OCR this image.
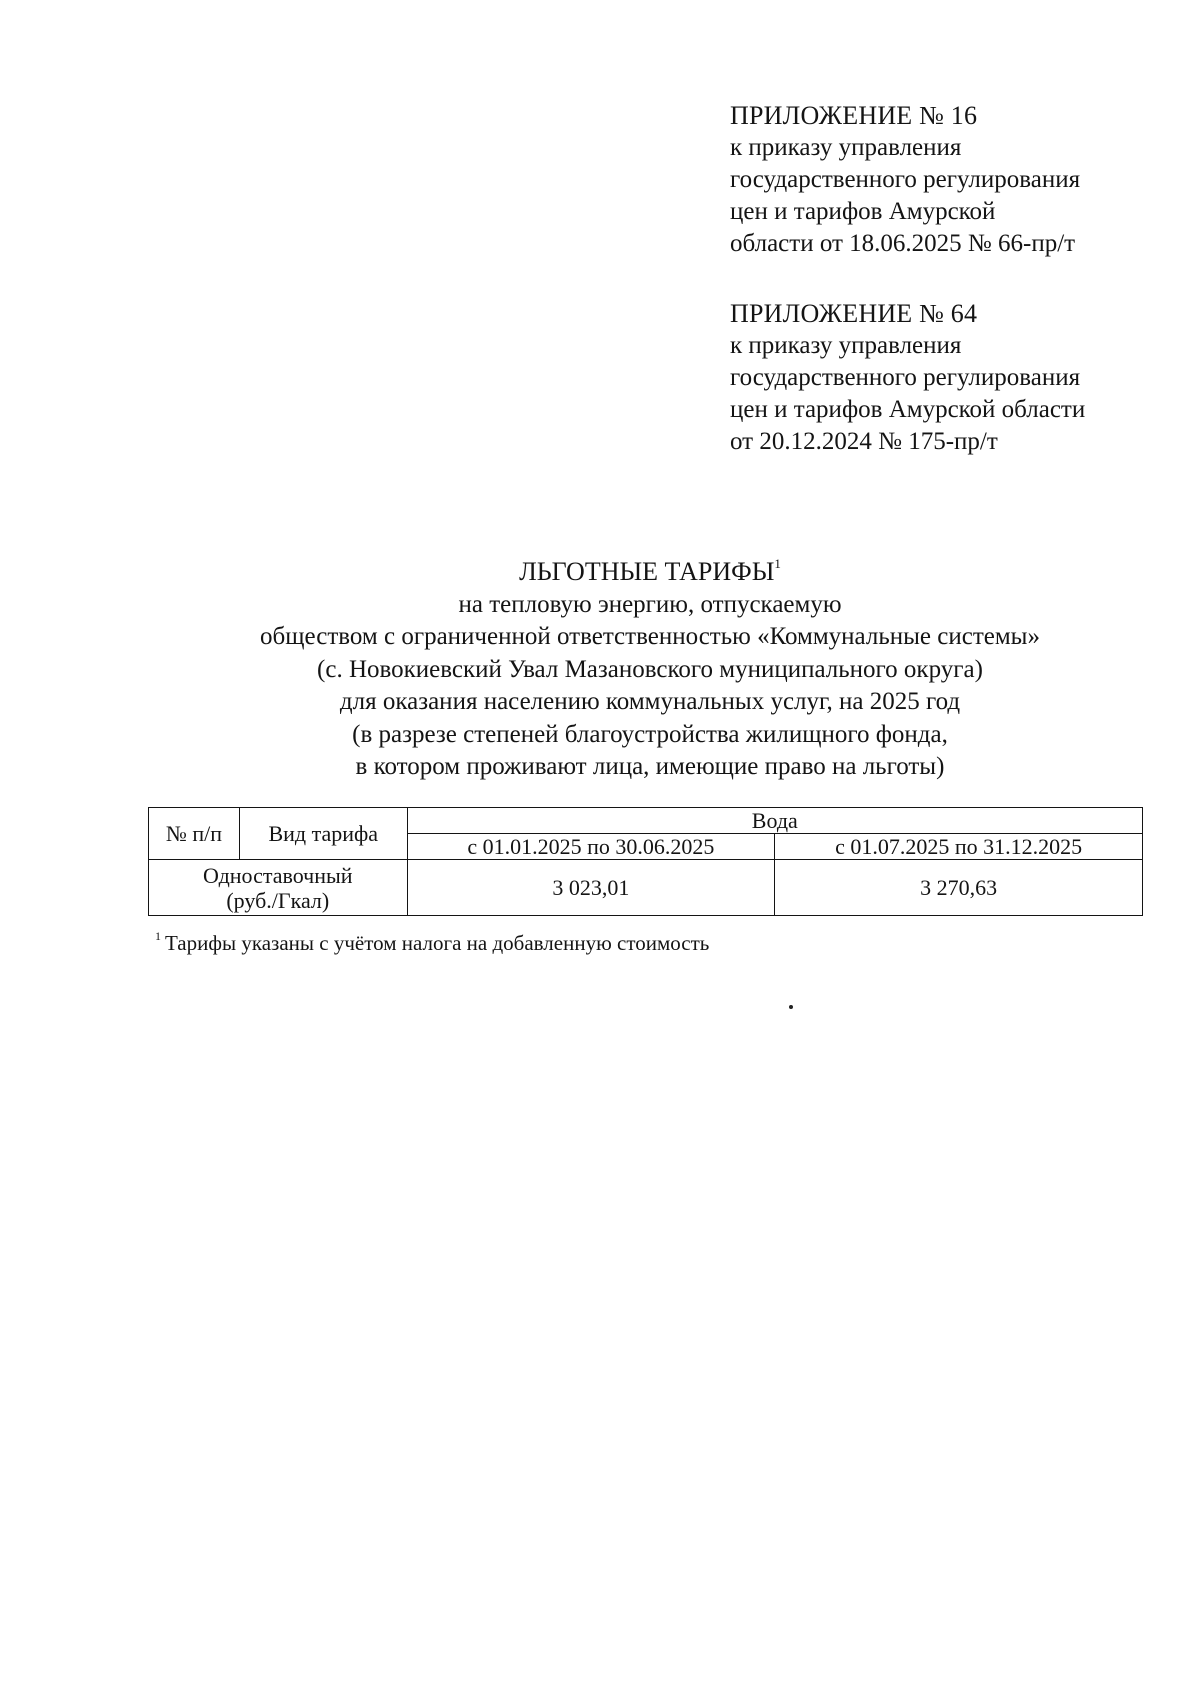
ПРИЛОЖЕНИЕ № 16
к приказу управления
государственного регулирования
цен и тарифов Амурской
области от 18.06.2025 № 66-пр/т
ПРИЛОЖЕНИЕ № 64
к приказу управления
государственного регулирования
цен и тарифов Амурской области
от 20.12.2024 № 175-пр/т
ЛЬГОТНЫЕ ТАРИФЫ$^1$
на тепловую энергию, отпускаемую
обществом с ограниченной ответственностью «Коммунальные системы»
(с. Новокиевский Увал Мазановского муниципального округа)
для оказания населению коммунальных услуг, на 2025 год
(в разрезе степеней благоустройства жилищного фонда,
в котором проживают лица, имеющие право на льготы)
№ п/п	Вид тарифа	Вода	
		с 01.01.2025 по 30.06.2025	с 01.07.2025 по 31.12.2025

Одноставочный
(руб./Гкал)		3 023,01	3 270,63
$^1$ Тарифы указаны с учётом налога на добавленную стоимость
